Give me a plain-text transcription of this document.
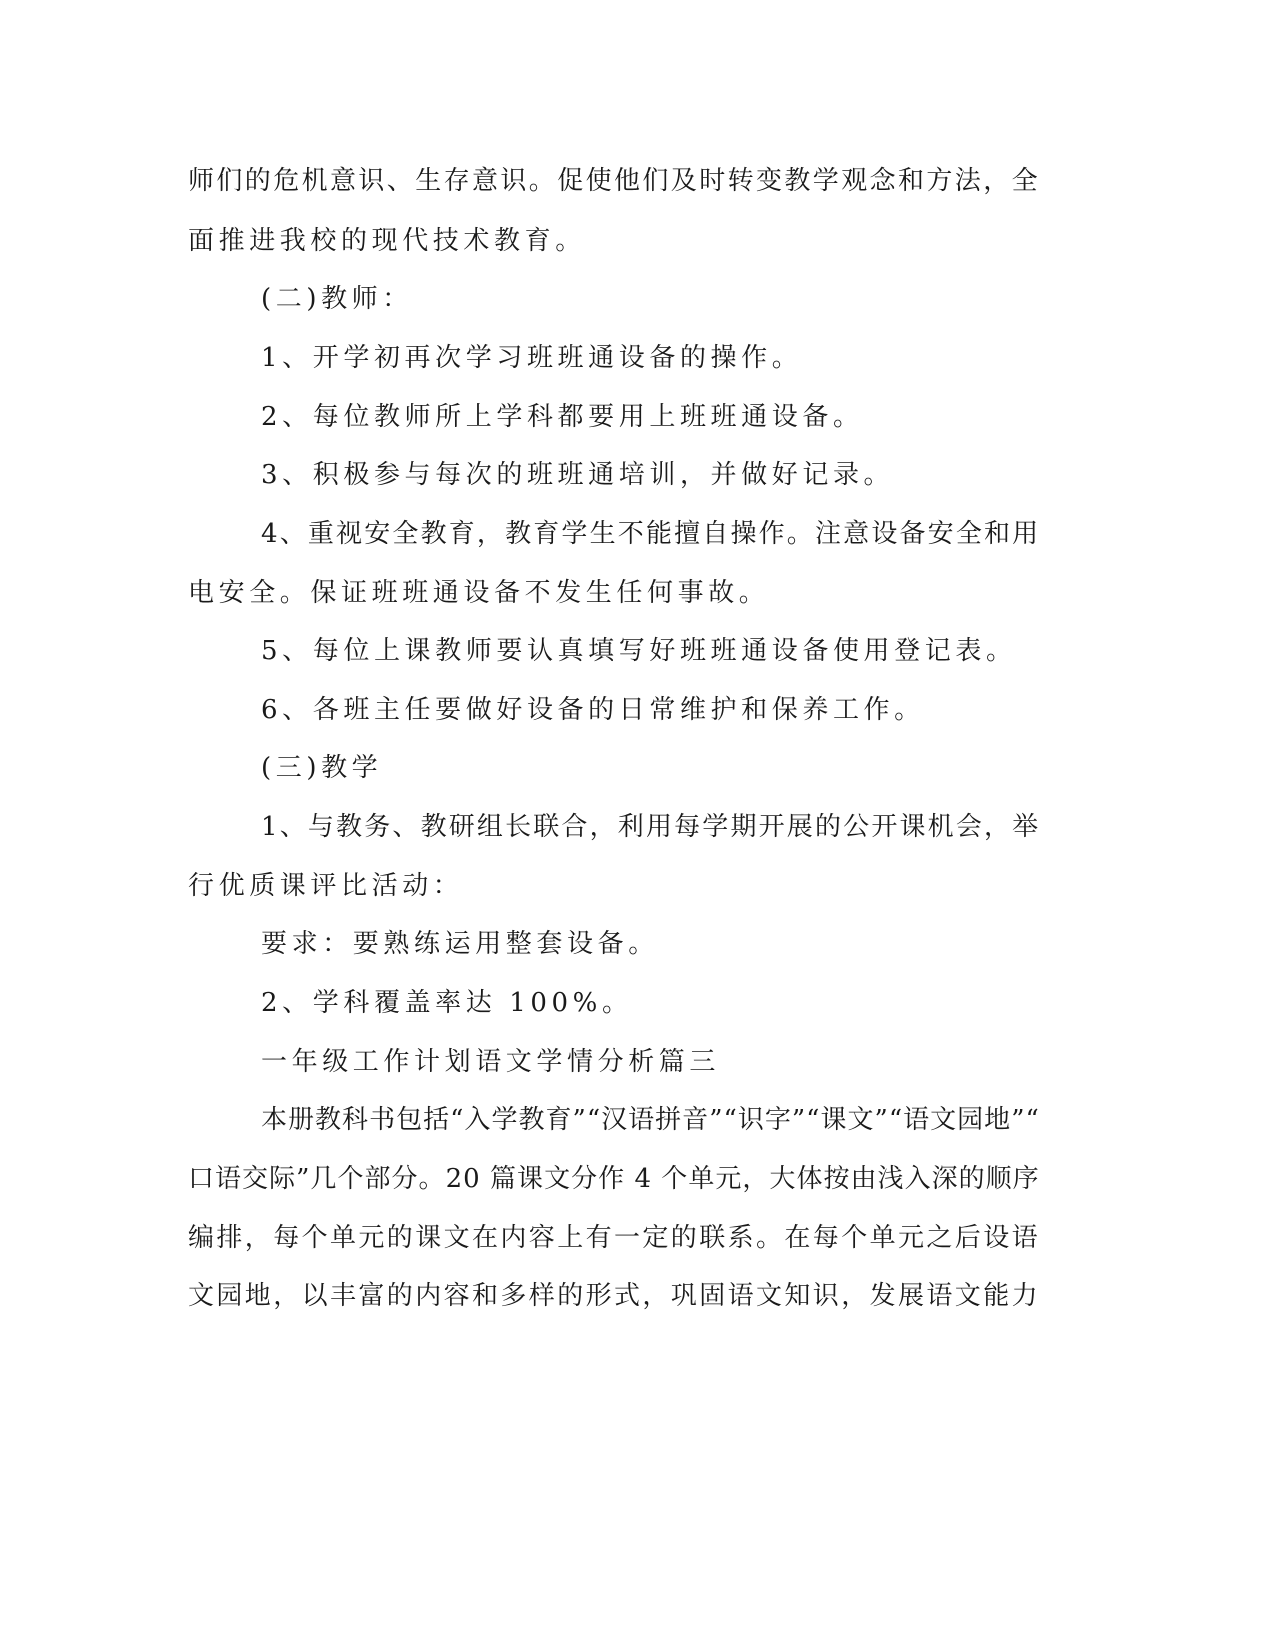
师们的危机意识、生存意识。促使他们及时转变教学观念和方法，全
面推进我校的现代技术教育。
(二)教师：
1、开学初再次学习班班通设备的操作。
2、每位教师所上学科都要用上班班通设备。
3、积极参与每次的班班通培训，并做好记录。
4、重视安全教育，教育学生不能擅自操作。注意设备安全和用
电安全。保证班班通设备不发生任何事故。
5、每位上课教师要认真填写好班班通设备使用登记表。
6、各班主任要做好设备的日常维护和保养工作。
(三)教学
1、与教务、教研组长联合，利用每学期开展的公开课机会，举
行优质课评比活动：
要求：要熟练运用整套设备。
2、学科覆盖率达 100%。
一年级工作计划语文学情分析篇三
本册教科书包括“入学教育”“汉语拼音”“识字”“课文”“语文园地”“
口语交际”几个部分。20 篇课文分作 4 个单元，大体按由浅入深的顺序
编排，每个单元的课文在内容上有一定的联系。在每个单元之后设语
文园地，以丰富的内容和多样的形式，巩固语文知识，发展语文能力
